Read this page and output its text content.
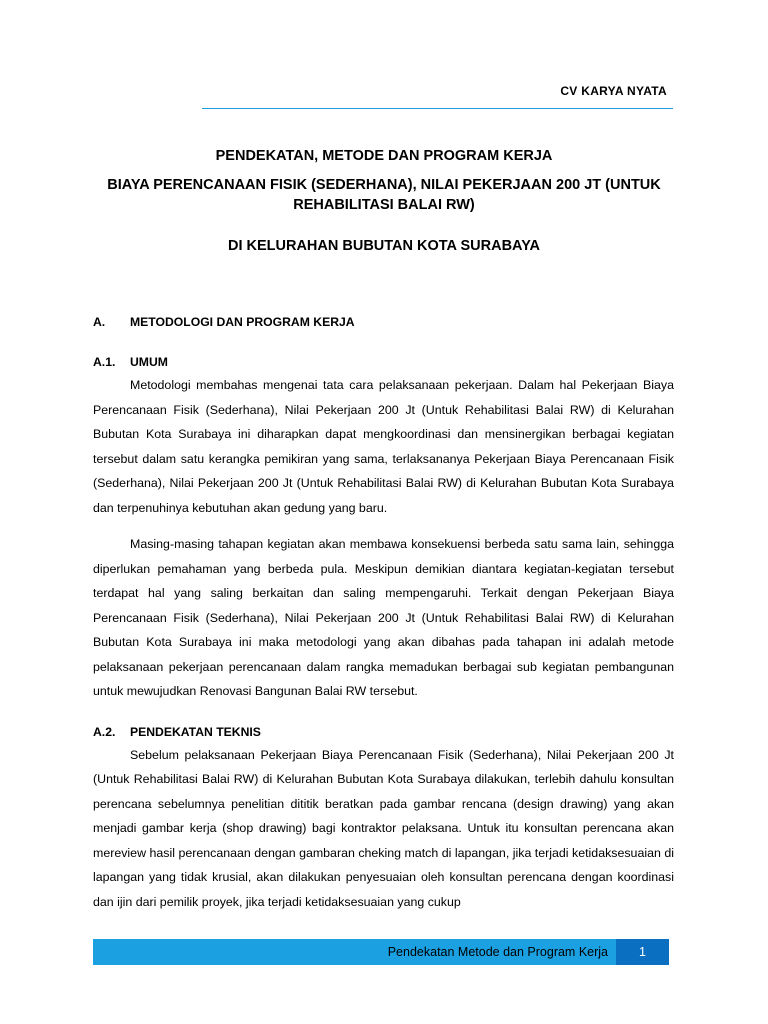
CV KARYA NYATA

PENDEKATAN, METODE DAN PROGRAM KERJA

BIAYA PERENCANAAN FISIK (SEDERHANA), NILAI PEKERJAAN 200 JT (UNTUK REHABILITASI BALAI RW)

DI KELURAHAN BUBUTAN KOTA SURABAYA

A.	METODOLOGI DAN PROGRAM KERJA
A.1.	UMUM

Metodologi membahas mengenai tata cara pelaksanaan pekerjaan. Dalam hal Pekerjaan Biaya Perencanaan Fisik (Sederhana), Nilai Pekerjaan 200 Jt (Untuk Rehabilitasi Balai RW) di Kelurahan Bubutan Kota Surabaya ini diharapkan dapat mengkoordinasi dan mensinergikan berbagai kegiatan tersebut dalam satu kerangka pemikiran yang sama, terlaksananya Pekerjaan Biaya Perencanaan Fisik (Sederhana), Nilai Pekerjaan 200 Jt (Untuk Rehabilitasi Balai RW) di Kelurahan Bubutan Kota Surabaya dan terpenuhinya kebutuhan akan gedung yang baru.

Masing-masing tahapan kegiatan akan membawa konsekuensi berbeda satu sama lain, sehingga diperlukan pemahaman yang berbeda pula. Meskipun demikian diantara kegiatan-kegiatan tersebut terdapat hal yang saling berkaitan dan saling mempengaruhi. Terkait dengan Pekerjaan Biaya Perencanaan Fisik (Sederhana), Nilai Pekerjaan 200 Jt (Untuk Rehabilitasi Balai RW) di Kelurahan Bubutan Kota Surabaya ini maka metodologi yang akan dibahas pada tahapan ini adalah metode pelaksanaan pekerjaan perencanaan dalam rangka memadukan berbagai sub kegiatan pembangunan untuk mewujudkan Renovasi Bangunan Balai RW tersebut.

A.2.	PENDEKATAN TEKNIS

Sebelum pelaksanaan Pekerjaan Biaya Perencanaan Fisik (Sederhana), Nilai Pekerjaan 200 Jt (Untuk Rehabilitasi Balai RW) di Kelurahan Bubutan Kota Surabaya dilakukan, terlebih dahulu konsultan perencana sebelumnya penelitian dititik beratkan pada gambar rencana (design drawing) yang akan menjadi gambar kerja (shop drawing) bagi kontraktor pelaksana. Untuk itu konsultan perencana akan mereview hasil perencanaan dengan gambaran cheking match di lapangan, jika terjadi ketidaksesuaian di lapangan yang tidak krusial, akan dilakukan penyesuaian oleh konsultan perencana dengan koordinasi dan ijin dari pemilik proyek, jika terjadi ketidaksesuaian yang cukup

Pendekatan Metode dan Program Kerja	1
